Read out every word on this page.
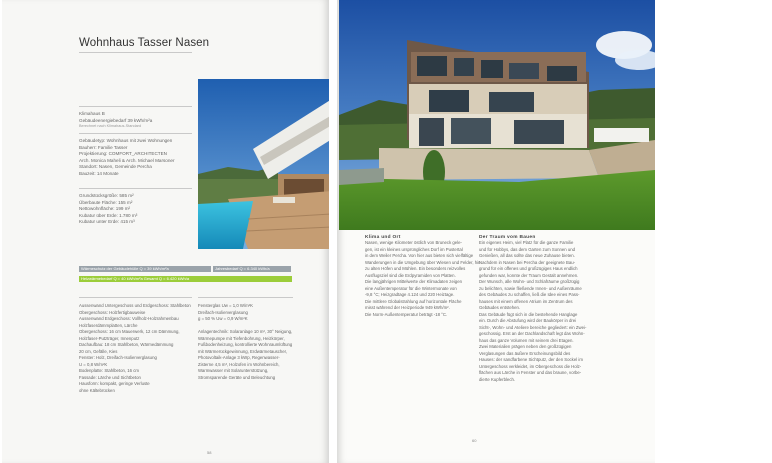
Wohnhaus Tasser Nasen
Klimahaus B
Gebäudeenergiebedarf 39 kWh/m²a
Berechnet nach Klimahaus-Standard
Gebäudetyp: Wohnhaus mit zwei Wohnungen
Bauherr: Familie Tasser
Projektierung: COMFORT_ARCHITECTEN
Arch. Monica Maheli & Arch. Michael Marsoner
Standort: Nasen, Gemeinde Percha
Bauzeit: 14 Monate
Grundstücksgröße: 585 m²
Überbaute Fläche: 155 m²
Nettowohnfläche: 199 m²
Kubatur über Erde: 1.780 m³
Kubatur unter Erde: 415 m³
Wärmeschutz der Gebäudehülle Q = 39 kWh/m²a	Jahresbedarf Q = 6.340 kWh/a
Heizwärmebedarf Q = 40 kWh/m²a Gesamt Q = 6.420 kWh/a
Aussenwand Untergeschoss und Erdgeschoss: Stahlbeton
Obergeschoss: Holzfertigbauweise
Aussenwand Erdgeschoss: Vollholz-Holzrahmenbau
Holzfaserdämmplatten, Lärche
Obergeschoss: 16 cm Mauerwerk, 12 cm Dämmung,
Holzfaser-Putzträger, Innenputz
Dachaufbau: 18 cm Stahlbeton, Wärmedämmung
20 cm, Gefälle, Kies
Fenster: Holz, Dreifach-Isolierverglasung
U = 0,8 W/m²K
Bodenplatte: Stahlbeton, 16 cm
Fassade: Lärche und Sichtbeton
Hausform: kompakt, geringe Verluste
ohne Kältebrücken
Fensterglas Uw = 1,0 W/m²K
Dreifach-Isolierverglasung
g = 50 % Uw = 0,9 W/m²K

Anlagentechnik: Solaranlage 10 m², 30° Neigung,
Wärmepumpe mit Tiefenbohrung, Heizkörper,
Fußbodenheizung, kontrollierte Wohnraumlüftung
mit Wärmerückgewinnung, Erdwärmetauscher,
Photovoltaik-Anlage 3 kWp, Regenwasser-
Zisterne 4,5 m³, Holzofen im Wohnbereich,
Warmwasser mit Solarunterstützung,
Stromsparende Geräte und Beleuchtung
58
Klima und Ort
Nasen, wenige Kilometer östlich von Bruneck gele-
gen, ist ein kleines ursprüngliches Dorf im Pustertal
in dem Weiler Percha. Von hier aus bieten sich vielfältige
Wanderungen in die Umgebung über Wiesen und Felder, hin
zu alten Höfen und Mühlen. Ein besonders reizvolles
Ausflugsziel sind die Erdpyramiden von Platten.
Die langjährigen Mittelwerte der Klimadaten zeigen
eine Außentemperatur für die Wintermonate von
-9,8 °C; Heizgradtage 4.124 und 220 Heiztage.
Die mittlere Globalstrahlung auf horizontale Fläche
misst während der Heizperiode 949 kWh/m².
Die Norm-Außentemperatur beträgt -18 °C.
Der Traum vom Bauen
Ein eigenes Heim, viel Platz für die ganze Familie
und für Hobbys, das dem Garten zum Sonnen und
Genießen, all das sollte das neue Zuhause bieten.
Nachdem in Nasen bei Percha der geeignete Bau-
grund für ein offenes und großzügiges Haus endlich
gefunden war, konnte der Traum Gestalt annehmen.
Der Wunsch, alle Wohn- und Schlafräume großzügig
zu belichten, sowie fließende Innen- und Außenräume
des Gebäudes zu schaffen, ließ die Idee eines Pass-
hauses mit einem offenen Atrium im Zentrum des
Gebäudes entstehen.
Das Gebäude fügt sich in die bestehende Hanglage
ein. Durch die Abstufung wird der Baukörper in drei
Sicht-, Wohn- und Ateliere bereiche gegliedert: ein Zwei-
geschossig. Erst an der Dachlandschaft legt das Wohn-
haus das ganze Volumen mit seinem drei Etagen.
Zwei Materialien prägen neben den großzügigen
Verglasungen das äußere Erscheinungsbild des
Hauses: der sandfarbene Sichtputz, der den Sockel im
Untergeschoss verkleidet, im Obergeschoss die Holz-
flächen aus Lärche in Fenster und das braune, vorbe-
dierte Kupferblech.
60
